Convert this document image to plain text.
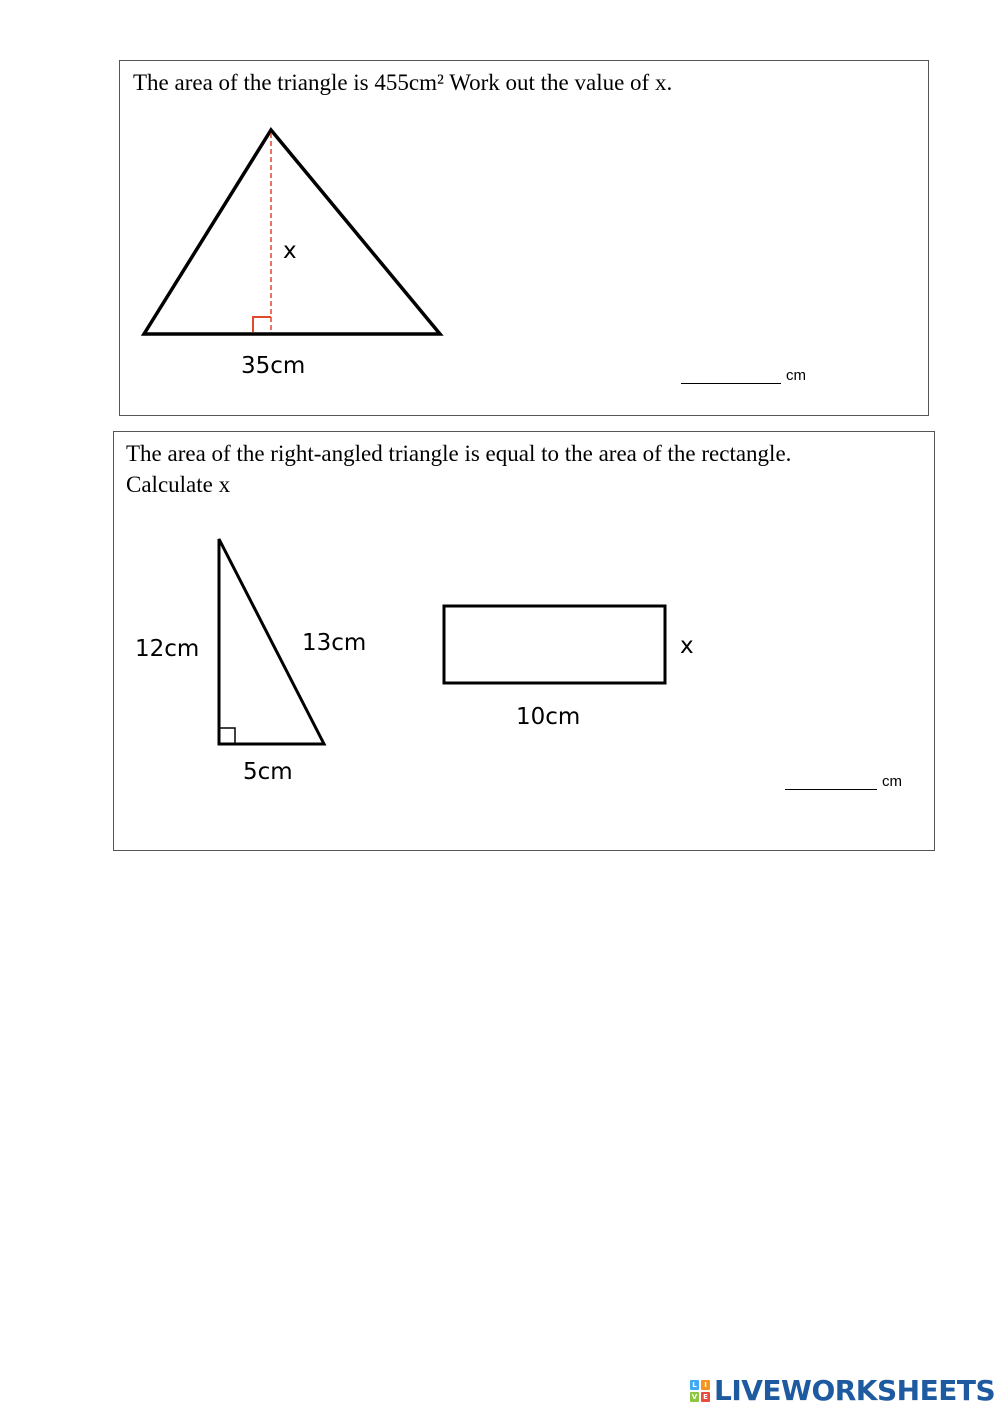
The area of the triangle is 455cm² Work out the value of x.
x
35cm	cm
The area of the right-angled triangle is equal to the area of the rectangle.
Calculate x
12cm	13cm
5cm
x
10cm
cm
L	I
V E LIVEWORKSHEETS
